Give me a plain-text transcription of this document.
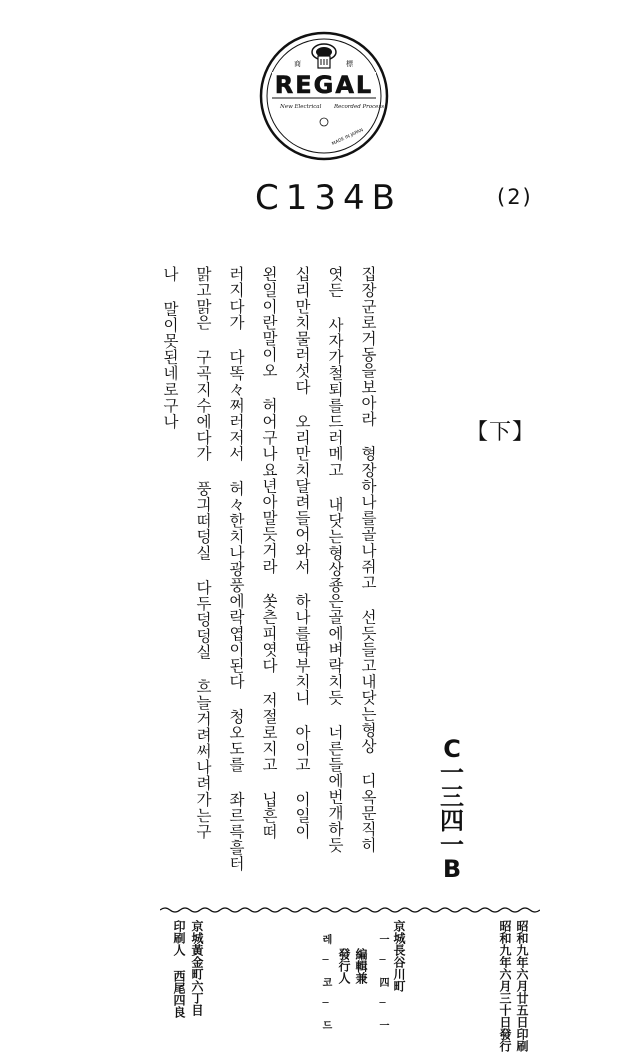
商	標
REGAL
New Electrical Recorded Process
MADE IN JAPAN
C134B	(2)
【下】
C
一
三
四
一
B
집장군로거동을보아라 형장하나를골나쥐고 선듯들고내닷는형상 디옥문직히
엿든 사자가철퇴를드러메고 내닷는형상죵은골에벼락치듯 너른들에번개하듯
십리만치물러섯다 오리만치달려들어와서 하나를딱부치니 아이고 이일이
왼일이란말이오 허어구나요년아말듯거라 쏫츤피엿다 저절로지고 닙흔떠
러지다가 다똑々쩌러저서 허々한치나광풍에락엽이된다 청오도를 좌르륵흘터
맑고맑은 구곡지수에다가 풍긔떠덩실 다두덩덩실 흐늘거려써나려가는구
나 말이못된네로구나
昭和九年六月廿五日印刷
昭和九年六月三十日發行
京城長谷川町
編輯兼
發行人	一 ─ 四 ─ 一
레 ─ 코 ─ 드
京城黃金町六丁目
印刷人 西尾四良
